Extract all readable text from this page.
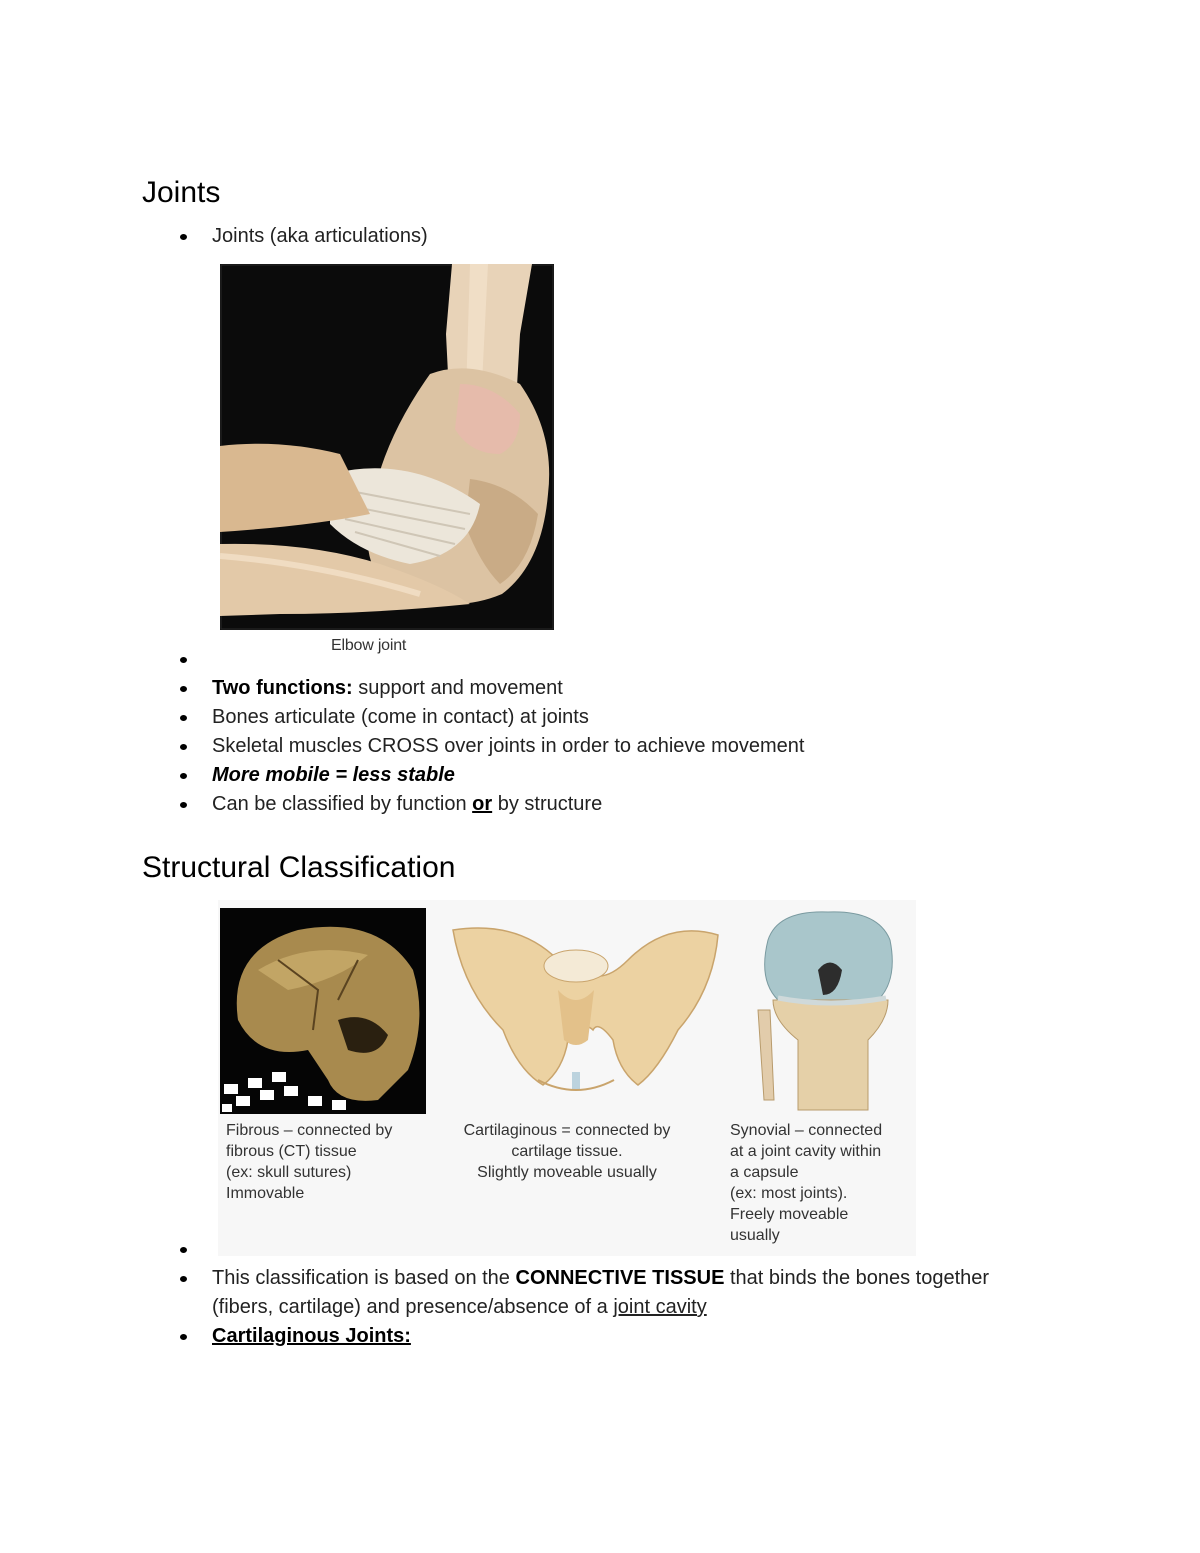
Joints
Joints (aka articulations)
Elbow joint

Two functions: support and movement
Bones articulate (come in contact) at joints
Skeletal muscles CROSS over joints in order to achieve movement
More mobile = less stable
Can be classified by function or by structure
Structural Classification
Fibrous – connected by
fibrous (CT) tissue
(ex: skull sutures)
Immovable
Cartilaginous = connected by
cartilage tissue.
Slightly moveable usually
Synovial – connected
at a joint cavity within
a capsule
(ex: most joints).
Freely moveable
usually

This classification is based on the CONNECTIVE TISSUE that binds the bones together
(fibers, cartilage) and presence/absence of a joint cavity
Cartilaginous Joints:
